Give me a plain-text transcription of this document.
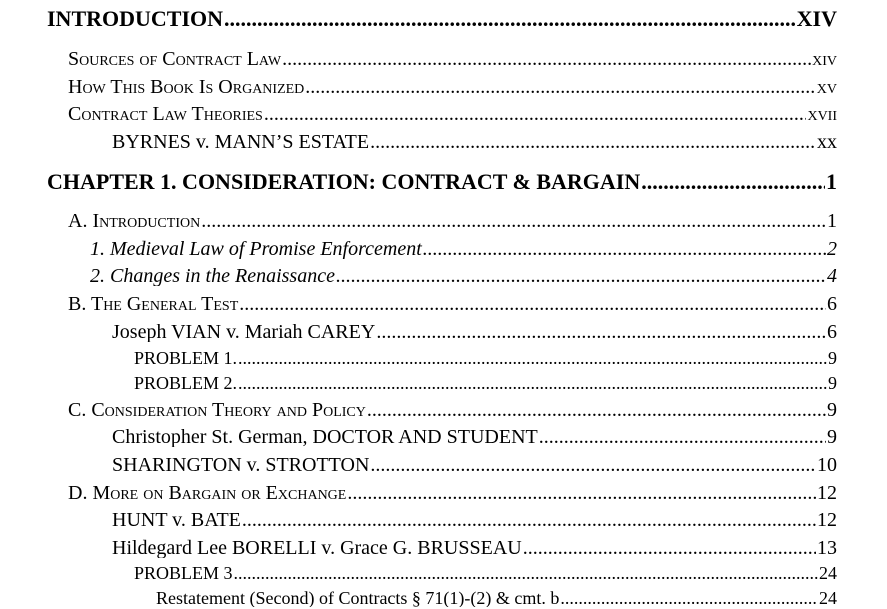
INTRODUCTION .....	XIV
Sources of Contract Law .....	xiv
How This Book Is Organized .....	xv
Contract Law Theories .....	xvii
BYRNES v. MANN’S ESTATE .....	xx
CHAPTER 1. CONSIDERATION: CONTRACT & BARGAIN .....	1
A. Introduction .....	1
1. Medieval Law of Promise Enforcement .....	2
2. Changes in the Renaissance .....	4
B. The General Test .....	6
Joseph VIAN v. Mariah CAREY .....	6
PROBLEM 1. .....	9
PROBLEM 2. .....	9
C. Consideration Theory and Policy .....	9
Christopher St. German, DOCTOR AND STUDENT .....	9
SHARINGTON v. STROTTON .....	10
D. More on Bargain or Exchange .....	12
HUNT v. BATE .....	12
Hildegard Lee BORELLI v. Grace G. BRUSSEAU .....	13
PROBLEM 3 .....	24
Restatement (Second) of Contracts § 71(1)-(2) & cmt. b .....	24
